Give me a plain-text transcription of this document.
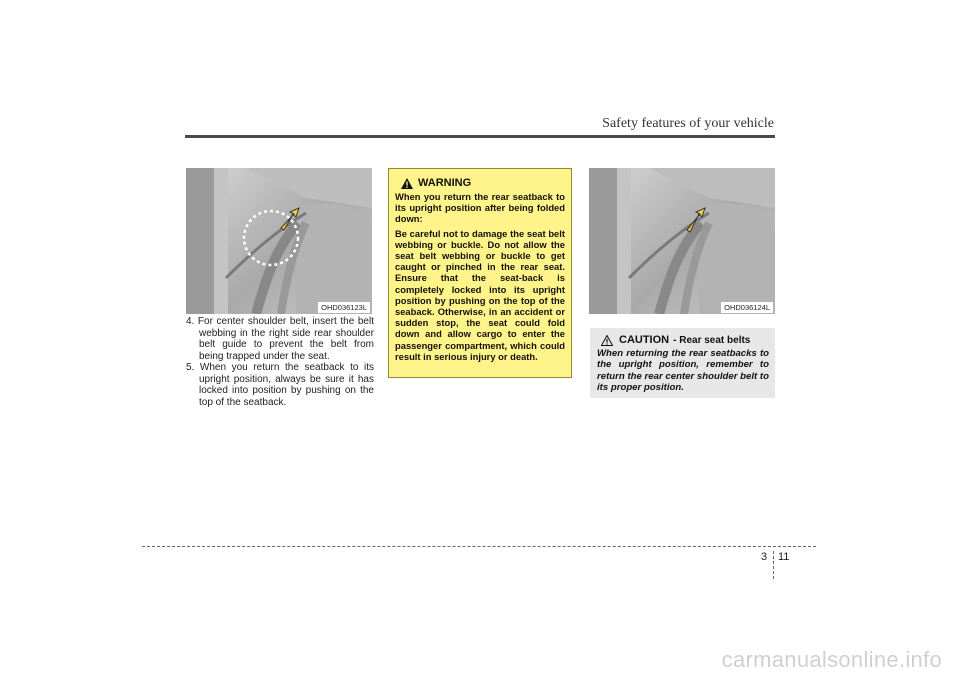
Safety features of your vehicle
OHD036123L

4. For center shoulder belt, insert the belt webbing in the right side rear shoulder belt guide to prevent the belt from being trapped under the seat.

5. When you return the seatback to its upright position, always be sure it has locked into position by pushing on the top of the seatback.

WARNING

When you return the rear seatback to its upright position after being folded down:

Be careful not to damage the seat belt webbing or buckle. Do not allow the seat belt webbing or buckle to get caught or pinched in the rear seat. Ensure that the seat-back is completely locked into its upright position by pushing on the top of the seaback. Otherwise, in an accident or sudden stop, the seat could fold down and allow cargo to enter the passenger compartment, which could result in serious injury or death.

OHD036124L
CAUTION - Rear seat belts

When returning the rear seatbacks to the upright position, remember to return the rear center shoulder belt to its proper position.

3 11
carmanualsonline.info
